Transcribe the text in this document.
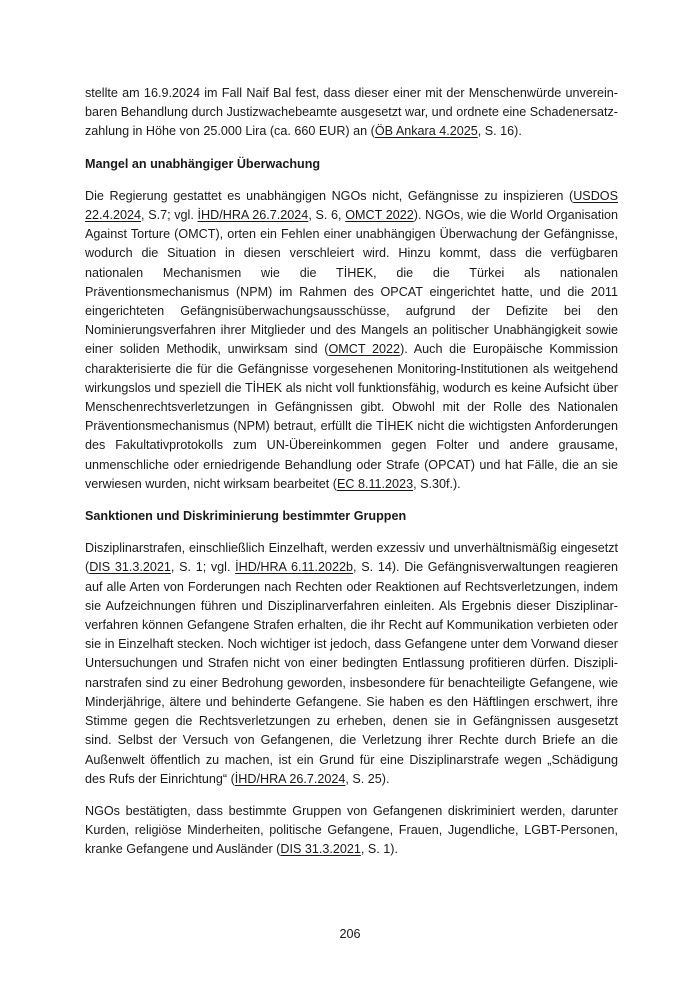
stellte am 16.9.2024 im Fall Naif Bal fest, dass dieser einer mit der Menschenwürde unvereinbaren Behandlung durch Justizwachebeamte ausgesetzt war, und ordnete eine Schadenersatzzahlung in Höhe von 25.000 Lira (ca. 660 EUR) an (ÖB Ankara 4.2025, S. 16).

Mangel an unabhängiger Überwachung

Die Regierung gestattet es unabhängigen NGOs nicht, Gefängnisse zu inspizieren (USDOS 22.4.2024, S.7; vgl. İHD/HRA 26.7.2024, S. 6, OMCT 2022). NGOs, wie die World Organisation Against Torture (OMCT), orten ein Fehlen einer unabhängigen Überwachung der Gefängnisse, wodurch die Situation in diesen verschleiert wird. Hinzu kommt, dass die verfügbaren nationalen Mechanismen wie die TİHEK, die die Türkei als nationalen Präventionsmechanismus (NPM) im Rahmen des OPCAT eingerichtet hatte, und die 2011 eingerichteten Gefängnisüberwachungsausschüsse, aufgrund der Defizite bei den Nominierungsverfahren ihrer Mitglieder und des Mangels an politischer Unabhängigkeit sowie einer soliden Methodik, unwirksam sind (OMCT 2022). Auch die Europäische Kommission charakterisierte die für die Gefängnisse vorgesehenen Monitoring-Institutionen als weitgehend wirkungslos und speziell die TİHEK als nicht voll funktionsfähig, wodurch es keine Aufsicht über Menschenrechtsverletzungen in Gefängnissen gibt. Obwohl mit der Rolle des Nationalen Präventionsmechanismus (NPM) betraut, erfüllt die TİHEK nicht die wichtigsten Anforderungen des Fakultativprotokolls zum UN-Übereinkommen gegen Folter und andere grausame, unmenschliche oder erniedrigende Behandlung oder Strafe (OPCAT) und hat Fälle, die an sie verwiesen wurden, nicht wirksam bearbeitet (EC 8.11.2023, S.30f.).

Sanktionen und Diskriminierung bestimmter Gruppen

Disziplinarstrafen, einschließlich Einzelhaft, werden exzessiv und unverhältnismäßig eingesetzt (DIS 31.3.2021, S. 1; vgl. İHD/HRA 6.11.2022b, S. 14). Die Gefängnisverwaltungen reagieren auf alle Arten von Forderungen nach Rechten oder Reaktionen auf Rechtsverletzungen, indem sie Aufzeichnungen führen und Disziplinarverfahren einleiten. Als Ergebnis dieser Disziplinarverfahren können Gefangene Strafen erhalten, die ihr Recht auf Kommunikation verbieten oder sie in Einzelhaft stecken. Noch wichtiger ist jedoch, dass Gefangene unter dem Vorwand dieser Untersuchungen und Strafen nicht von einer bedingten Entlassung profitieren dürfen. Disziplinarstrafen sind zu einer Bedrohung geworden, insbesondere für benachteiligte Gefangene, wie Minderjährige, ältere und behinderte Gefangene. Sie haben es den Häftlingen erschwert, ihre Stimme gegen die Rechtsverletzungen zu erheben, denen sie in Gefängnissen ausgesetzt sind. Selbst der Versuch von Gefangenen, die Verletzung ihrer Rechte durch Briefe an die Außenwelt öffentlich zu machen, ist ein Grund für eine Disziplinarstrafe wegen „Schädigung des Rufs der Einrichtung“ (İHD/HRA 26.7.2024, S. 25).

NGOs bestätigten, dass bestimmte Gruppen von Gefangenen diskriminiert werden, darunter Kurden, religiöse Minderheiten, politische Gefangene, Frauen, Jugendliche, LGBT-Personen, kranke Gefangene und Ausländer (DIS 31.3.2021, S. 1).

206
